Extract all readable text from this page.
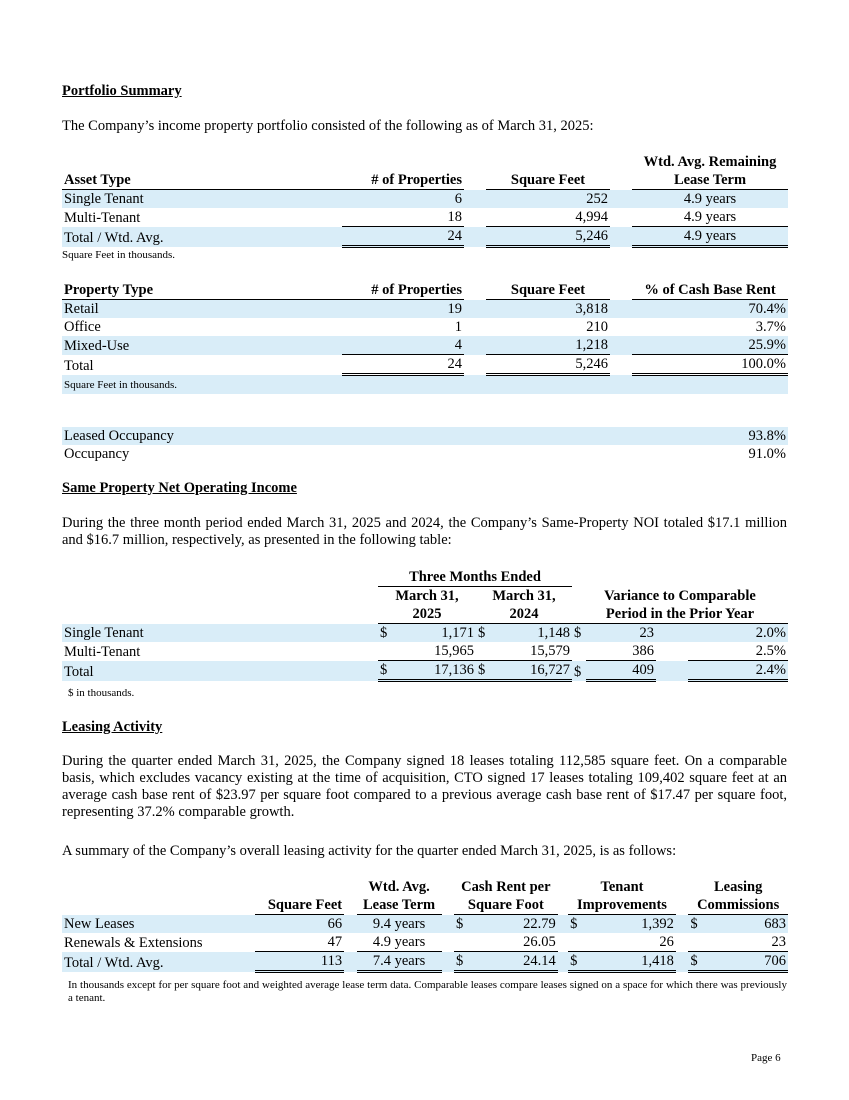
Portfolio Summary
The Company’s income property portfolio consisted of the following as of March 31, 2025:
					Wtd. Avg. Remaining
Asset Type	# of Properties		Square Feet		Lease Term
Single Tenant	6		252		4.9 years
Multi-Tenant	18		4,994		4.9 years
Total / Wtd. Avg.	24		5,246		4.9 years
Square Feet in thousands.
Property Type	# of Properties		Square Feet		% of Cash Base Rent
Retail	19		3,818		70.4%
Office	1		210		3.7%
Mixed-Use	4		1,218		25.9%
Total	24		5,246		100.0%
Square Feet in thousands.					
Leased Occupancy	93.8%
Occupancy	91.0%
Same Property Net Operating Income
During the three month period ended March 31, 2025 and 2024, the Company’s Same-Property NOI totaled $17.1 million and $16.7 million, respectively, as presented in the following table:
	Three Months Ended							
	March 31,		March 31,		Variance to Comparable			
	2025		2024		Period in the Prior Year			
Single Tenant	$	1,171	$	1,148	$	23		2.0%
Multi-Tenant		15,965		15,579		386		2.5%
Total	$	17,136	$	16,727	$	409		2.4%
$ in thousands.
Leasing Activity
During the quarter ended March 31, 2025, the Company signed 18 leases totaling 112,585 square feet. On a comparable basis, which excludes vacancy existing at the time of acquisition, CTO signed 17 leases totaling 109,402 square feet at an average cash base rent of $23.97 per square foot compared to a previous average cash base rent of $17.47 per square foot, representing 37.2% comparable growth.
A summary of the Company’s overall leasing activity for the quarter ended March 31, 2025, is as follows:
			Wtd. Avg.		Cash Rent per			Tenant			Leasing	
	Square Feet		Lease Term		Square Foot			Improvements			Commissions	
New Leases	66		9.4 years		$	22.79		$	1,392		$	683
Renewals & Extensions	47		4.9 years			26.05			26			23
Total / Wtd. Avg.	113		7.4 years		$	24.14		$	1,418		$	706
In thousands except for per square foot and weighted average lease term data. Comparable leases compare leases signed on a space for which there was previously a tenant.
Page 6
